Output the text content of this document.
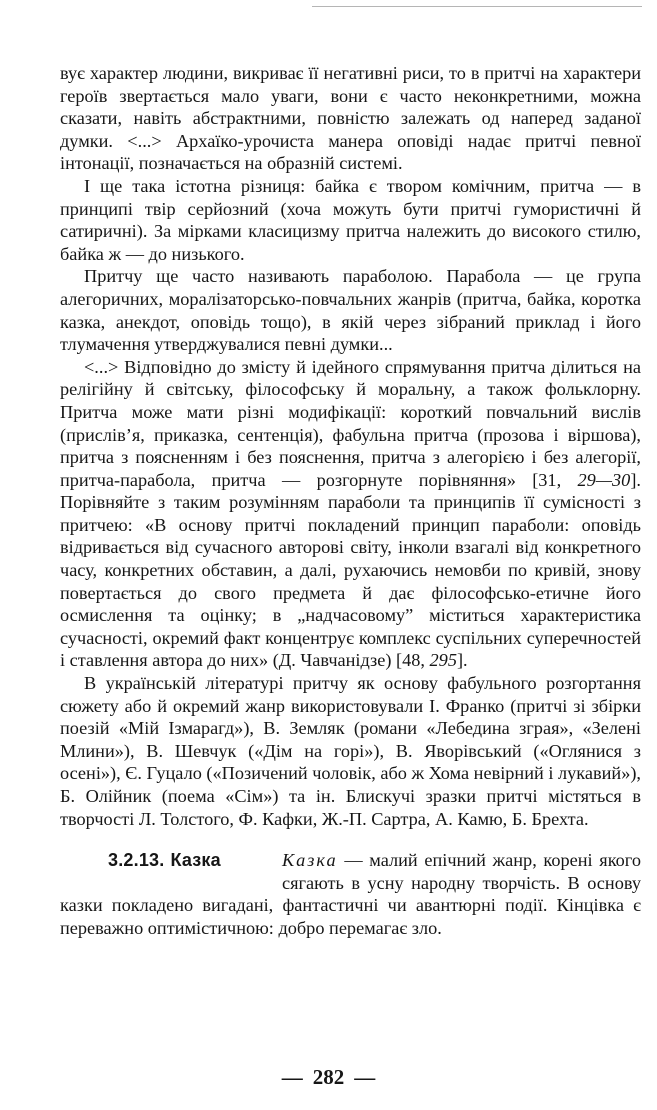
вує характер людини, викриває її негативні риси, то в притчі на характери героїв звертається мало уваги, вони є часто неконкретними, можна сказати, навіть абстрактними, повністю залежать од наперед заданої думки. <...> Архаїко-урочиста манера оповіді надає притчі певної інтонації, позначається на образній системі.

І ще така істотна різниця: байка є твором комічним, притча — в принципі твір серйозний (хоча можуть бути притчі гумористичні й сатиричні). За мірками класицизму притча належить до високого стилю, байка ж — до низького.

Притчу ще часто називають параболою. Парабола — це група алегоричних, моралізаторсько-повчальних жанрів (притча, байка, коротка казка, анекдот, оповідь тощо), в якій через зібраний приклад і його тлумачення утверджувалися певні думки...

<...> Відповідно до змісту й ідейного спрямування притча ділиться на релігійну й світську, філософську й моральну, а також фольклорну. Притча може мати різні модифікації: короткий повчальний вислів (прислів’я, приказка, сентенція), фабульна притча (прозова і віршова), притча з поясненням і без пояснення, притча з алегорією і без алегорії, притча-парабола, притча — розгорнуте порівняння» [31, 29—30]. Порівняйте з таким розумінням параболи та принципів її сумісності з притчею: «В основу притчі покладений принцип параболи: оповідь відривається від сучасного авторові світу, інколи взагалі від конкретного часу, конкретних обставин, а далі, рухаючись немовби по кривій, знову повертається до свого предмета й дає філософсько-етичне його осмислення та оцінку; в „надчасовому” міститься характеристика сучасності, окремий факт концентрує комплекс суспільних суперечностей і ставлення автора до них» (Д. Чавчанідзе) [48, 295].

В українській літературі притчу як основу фабульного розгортання сюжету або й окремий жанр використовували І. Франко (притчі зі збірки поезій «Мій Ізмарагд»), В. Земляк (романи «Лебедина зграя», «Зелені Млини»), В. Шевчук («Дім на горі»), В. Яворівський («Оглянися з осені»), Є. Гуцало («Позичений чоловік, або ж Хома невірний і лукавий»), Б. Олійник (поема «Сім») та ін. Блискучі зразки притчі містяться в творчості Л. Толстого, Ф. Кафки, Ж.-П. Сартра, А. Камю, Б. Брехта.

3.2.13. Казка	Казка — малий епічний жанр, корені якого сягають в усну народну творчість. В основу казки покладено вигадані, фантастичні чи авантюрні події. Кінцівка є переважно оптимістичною: добро перемагає зло.

— 282 —
